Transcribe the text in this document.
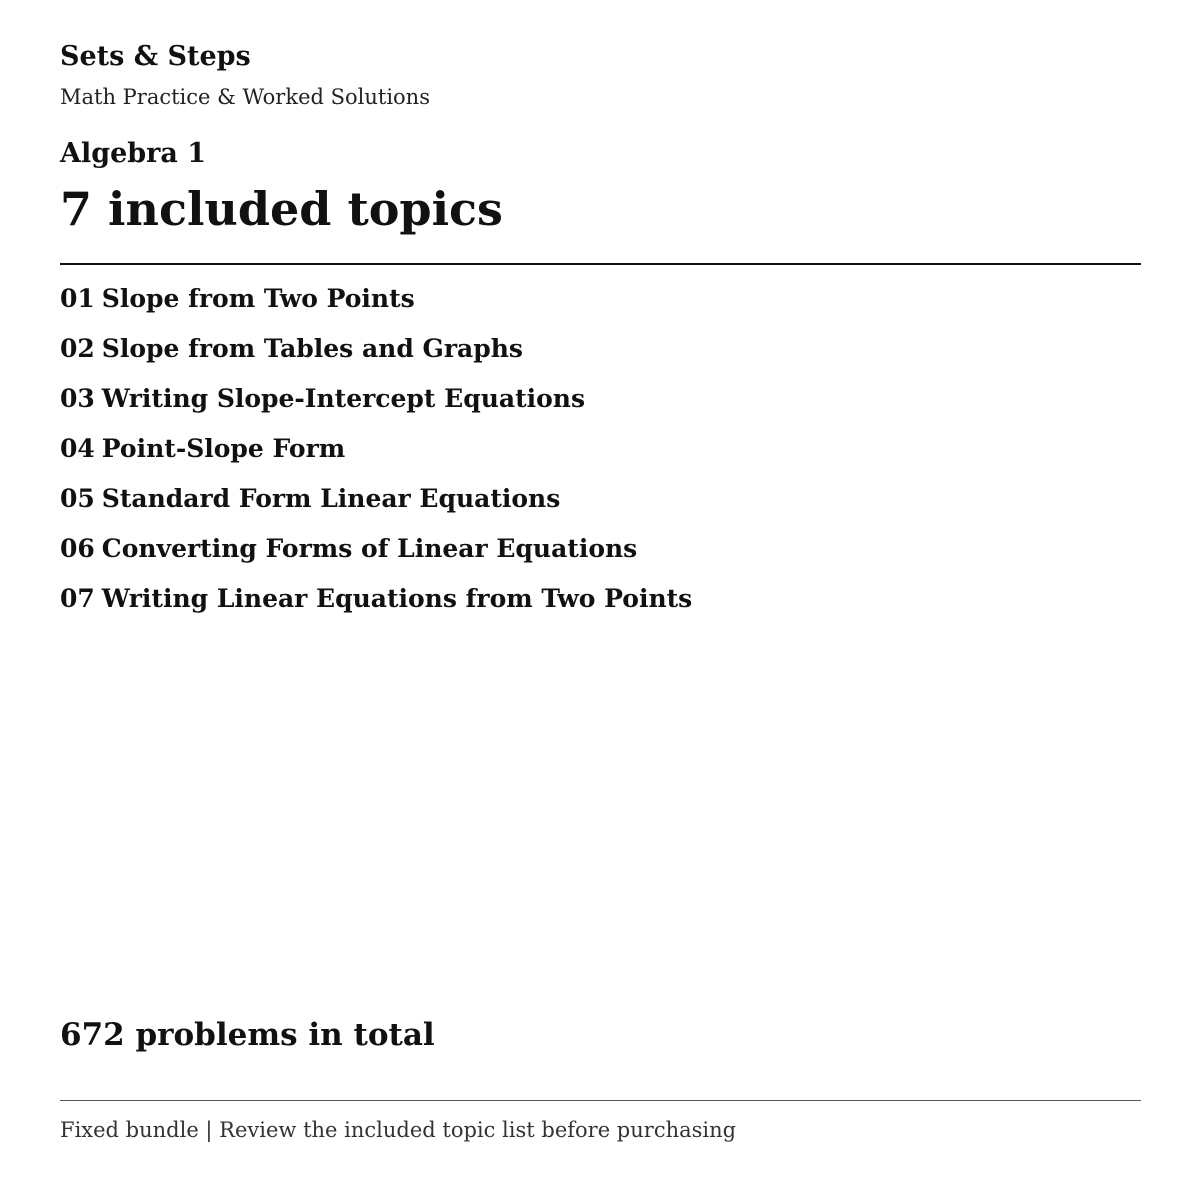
Sets & Steps
Math Practice & Worked Solutions
Algebra 1
7 included topics
01 Slope from Two Points
02 Slope from Tables and Graphs
03 Writing Slope-Intercept Equations
04 Point-Slope Form
05 Standard Form Linear Equations
06 Converting Forms of Linear Equations
07 Writing Linear Equations from Two Points
672 problems in total
Fixed bundle | Review the included topic list before purchasing
